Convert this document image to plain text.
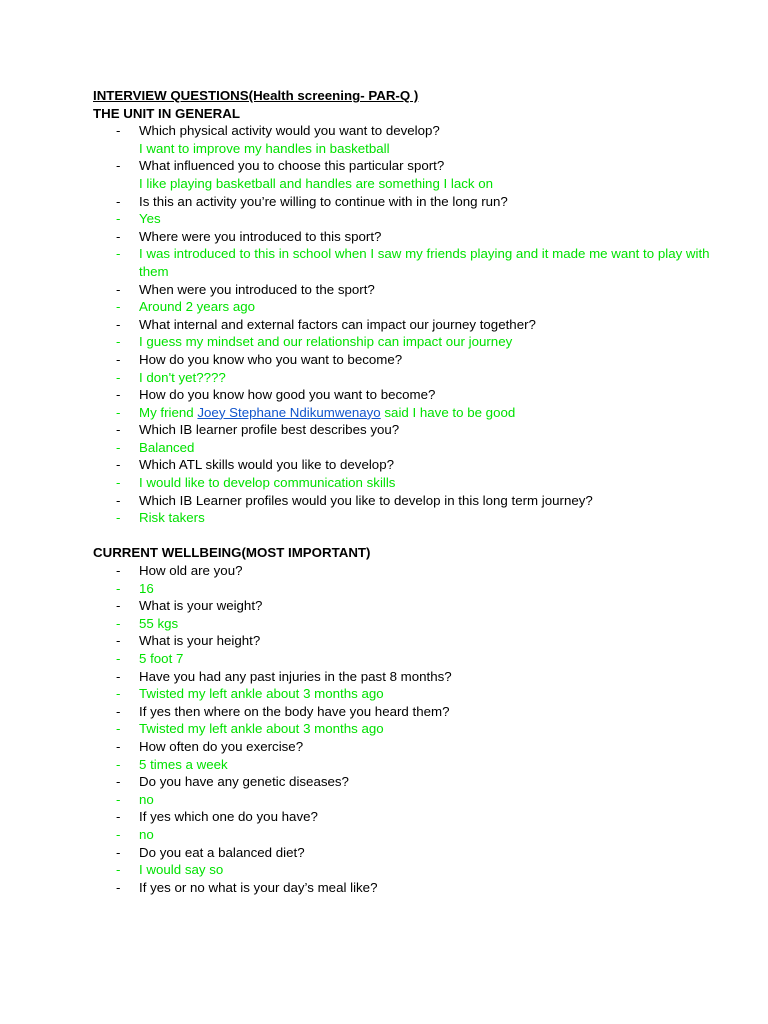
INTERVIEW QUESTIONS(Health screening- PAR-Q )
THE UNIT IN GENERAL
- Which physical activity would you want to develop?
I want to improve my handles in basketball
- What influenced you to choose this particular sport?
I like playing basketball and handles are something I lack on
- Is this an activity you’re willing to continue with in the long run?
- Yes
- Where were you introduced to this sport?
- I was introduced to this in school when I saw my friends playing and it made me want to play with them
- When were you introduced to the sport?
- Around 2 years ago
- What internal and external factors can impact our journey together?
- I guess my mindset and our relationship can impact our journey
- How do you know who you want to become?
- I don't yet????
- How do you know how good you want to become?
- My friend Joey Stephane Ndikumwenayo said I have to be good
- Which IB learner profile best describes you?
- Balanced
- Which ATL skills would you like to develop?
- I would like to develop communication skills
- Which IB Learner profiles would you like to develop in this long term journey?
- Risk takers
CURRENT WELLBEING(MOST IMPORTANT)
- How old are you?
- 16
- What is your weight?
- 55 kgs
- What is your height?
- 5 foot 7
- Have you had any past injuries in the past 8 months?
- Twisted my left ankle about 3 months ago
- If yes then where on the body have you heard them?
- Twisted my left ankle about 3 months ago
- How often do you exercise?
- 5 times a week
- Do you have any genetic diseases?
- no
- If yes which one do you have?
- no
- Do you eat a balanced diet?
- I would say so
- If yes or no what is your day’s meal like?
